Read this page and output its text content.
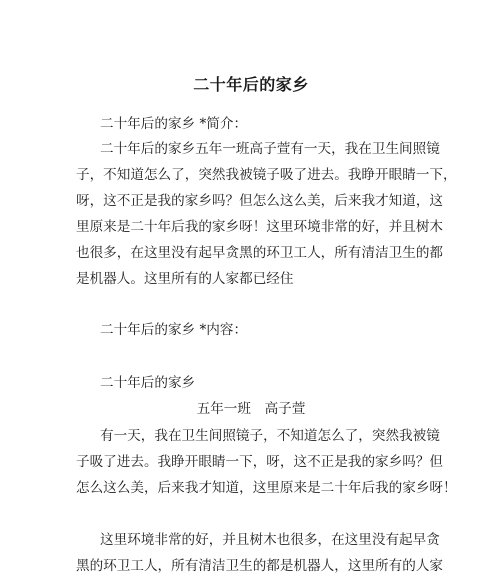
二十年后的家乡
二十年后的家乡 *简介：
二十年后的家乡五年一班高子萱有一天，我在卫生间照镜
子，不知道怎么了，突然我被镜子吸了进去。我睁开眼睛一下，
呀，这不正是我的家乡吗？但怎么这么美，后来我才知道，这
里原来是二十年后我的家乡呀！这里环境非常的好，并且树木
也很多，在这里没有起早贪黑的环卫工人，所有清洁卫生的都
是机器人。这里所有的人家都已经住
二十年后的家乡 *内容：
二十年后的家乡
五年一班　高子萱
有一天，我在卫生间照镜子，不知道怎么了，突然我被镜
子吸了进去。我睁开眼睛一下，呀，这不正是我的家乡吗？但
怎么这么美，后来我才知道，这里原来是二十年后我的家乡呀！
这里环境非常的好，并且树木也很多，在这里没有起早贪
黑的环卫工人，所有清洁卫生的都是机器人，这里所有的人家
